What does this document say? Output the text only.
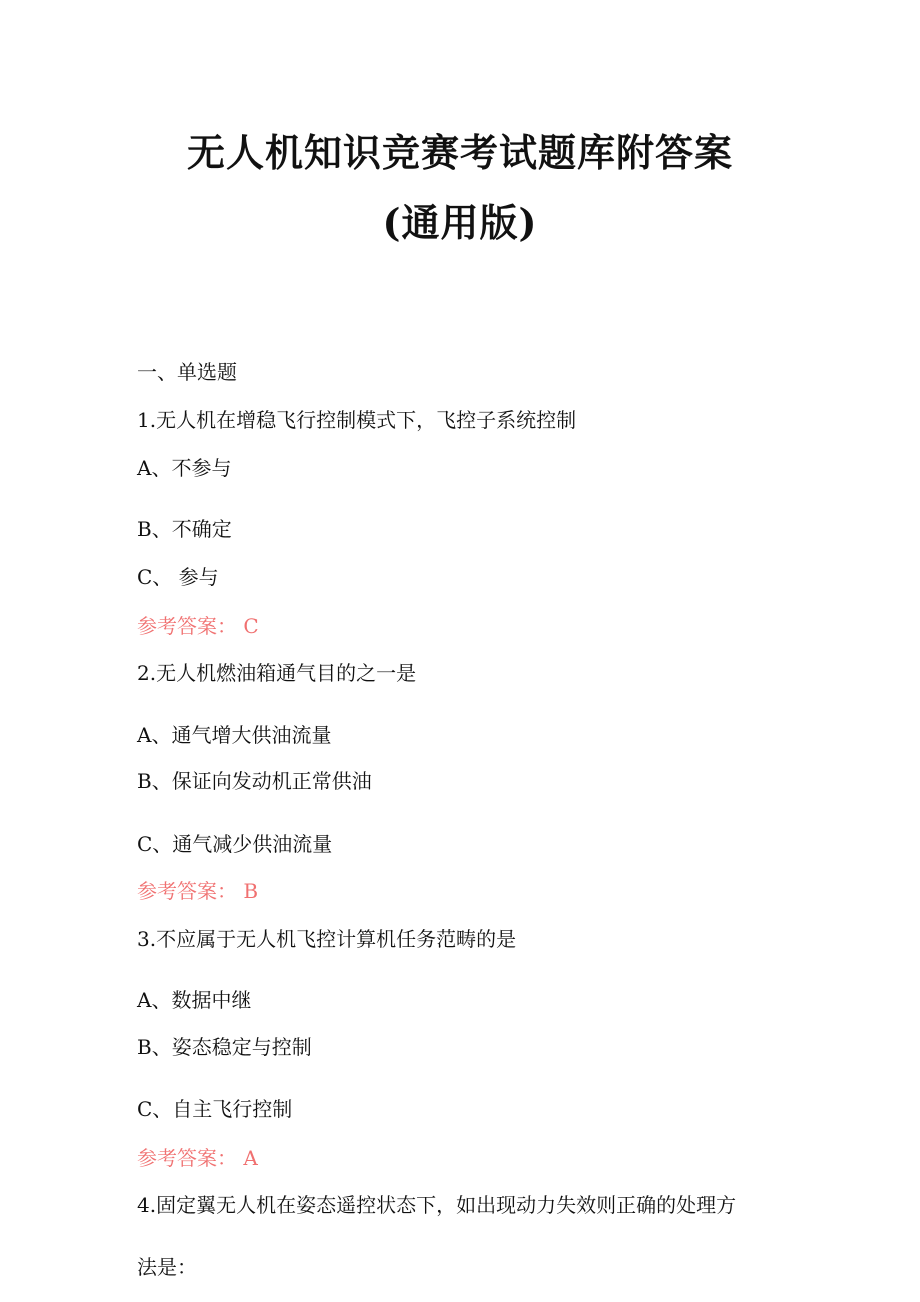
无人机知识竞赛考试题库附答案
(通用版)

一、单选题

1.无人机在增稳飞行控制模式下，飞控子系统控制

A、不参与

B、不确定

C、 参与

参考答案： C

2.无人机燃油箱通气目的之一是

A、通气增大供油流量

B、保证向发动机正常供油

C、通气减少供油流量

参考答案： B

3.不应属于无人机飞控计算机任务范畴的是

A、数据中继

B、姿态稳定与控制

C、自主飞行控制

参考答案： A

4.固定翼无人机在姿态遥控状态下，如出现动力失效则正确的处理方

法是：
